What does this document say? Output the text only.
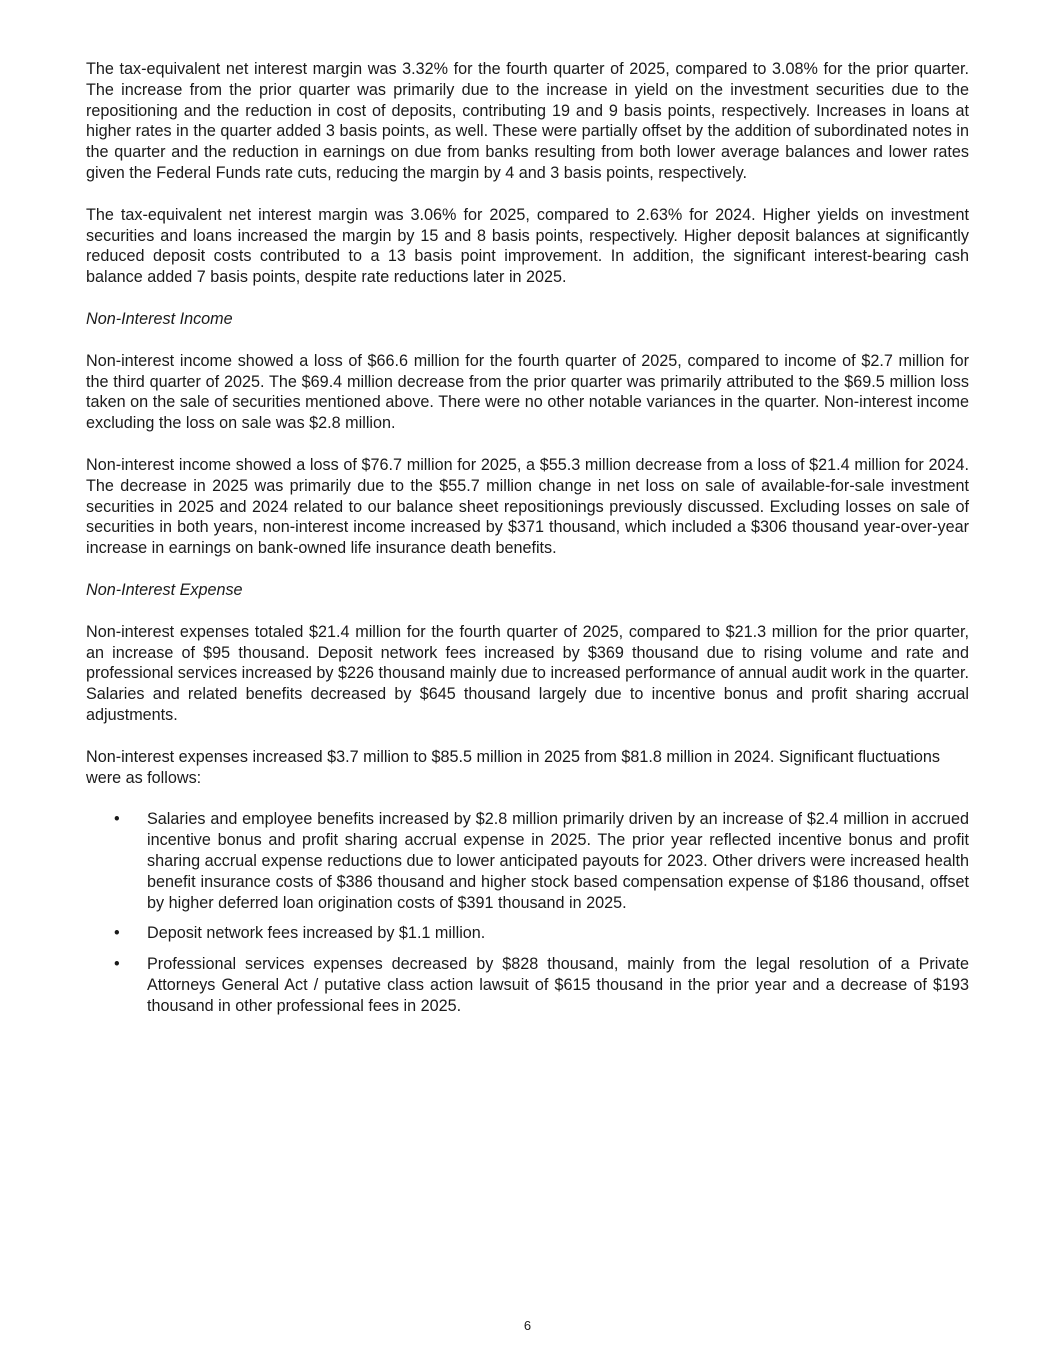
The tax-equivalent net interest margin was 3.32% for the fourth quarter of 2025, compared to 3.08% for the prior quarter. The increase from the prior quarter was primarily due to the increase in yield on the investment securities due to the repositioning and the reduction in cost of deposits, contributing 19 and 9 basis points, respectively. Increases in loans at higher rates in the quarter added 3 basis points, as well. These were partially offset by the addition of subordinated notes in the quarter and the reduction in earnings on due from banks resulting from both lower average balances and lower rates given the Federal Funds rate cuts, reducing the margin by 4 and 3 basis points, respectively.

The tax-equivalent net interest margin was 3.06% for 2025, compared to 2.63% for 2024. Higher yields on investment securities and loans increased the margin by 15 and 8 basis points, respectively. Higher deposit balances at significantly reduced deposit costs contributed to a 13 basis point improvement. In addition, the significant interest-bearing cash balance added 7 basis points, despite rate reductions later in 2025.

Non-Interest Income

Non-interest income showed a loss of $66.6 million for the fourth quarter of 2025, compared to income of $2.7 million for the third quarter of 2025. The $69.4 million decrease from the prior quarter was primarily attributed to the $69.5 million loss taken on the sale of securities mentioned above. There were no other notable variances in the quarter. Non-interest income excluding the loss on sale was $2.8 million.

Non-interest income showed a loss of $76.7 million for 2025, a $55.3 million decrease from a loss of $21.4 million for 2024. The decrease in 2025 was primarily due to the $55.7 million change in net loss on sale of available-for-sale investment securities in 2025 and 2024 related to our balance sheet repositionings previously discussed. Excluding losses on sale of securities in both years, non-interest income increased by $371 thousand, which included a $306 thousand year-over-year increase in earnings on bank-owned life insurance death benefits.

Non-Interest Expense

Non-interest expenses totaled $21.4 million for the fourth quarter of 2025, compared to $21.3 million for the prior quarter, an increase of $95 thousand. Deposit network fees increased by $369 thousand due to rising volume and rate and professional services increased by $226 thousand mainly due to increased performance of annual audit work in the quarter. Salaries and related benefits decreased by $645 thousand largely due to incentive bonus and profit sharing accrual adjustments.

Non-interest expenses increased $3.7 million to $85.5 million in 2025 from $81.8 million in 2024. Significant fluctuations were as follows:

• Salaries and employee benefits increased by $2.8 million primarily driven by an increase of $2.4 million in accrued incentive bonus and profit sharing accrual expense in 2025. The prior year reflected incentive bonus and profit sharing accrual expense reductions due to lower anticipated payouts for 2023. Other drivers were increased health benefit insurance costs of $386 thousand and higher stock based compensation expense of $186 thousand, offset by higher deferred loan origination costs of $391 thousand in 2025.

• Deposit network fees increased by $1.1 million.

• Professional services expenses decreased by $828 thousand, mainly from the legal resolution of a Private Attorneys General Act / putative class action lawsuit of $615 thousand in the prior year and a decrease of $193 thousand in other professional fees in 2025.

6
